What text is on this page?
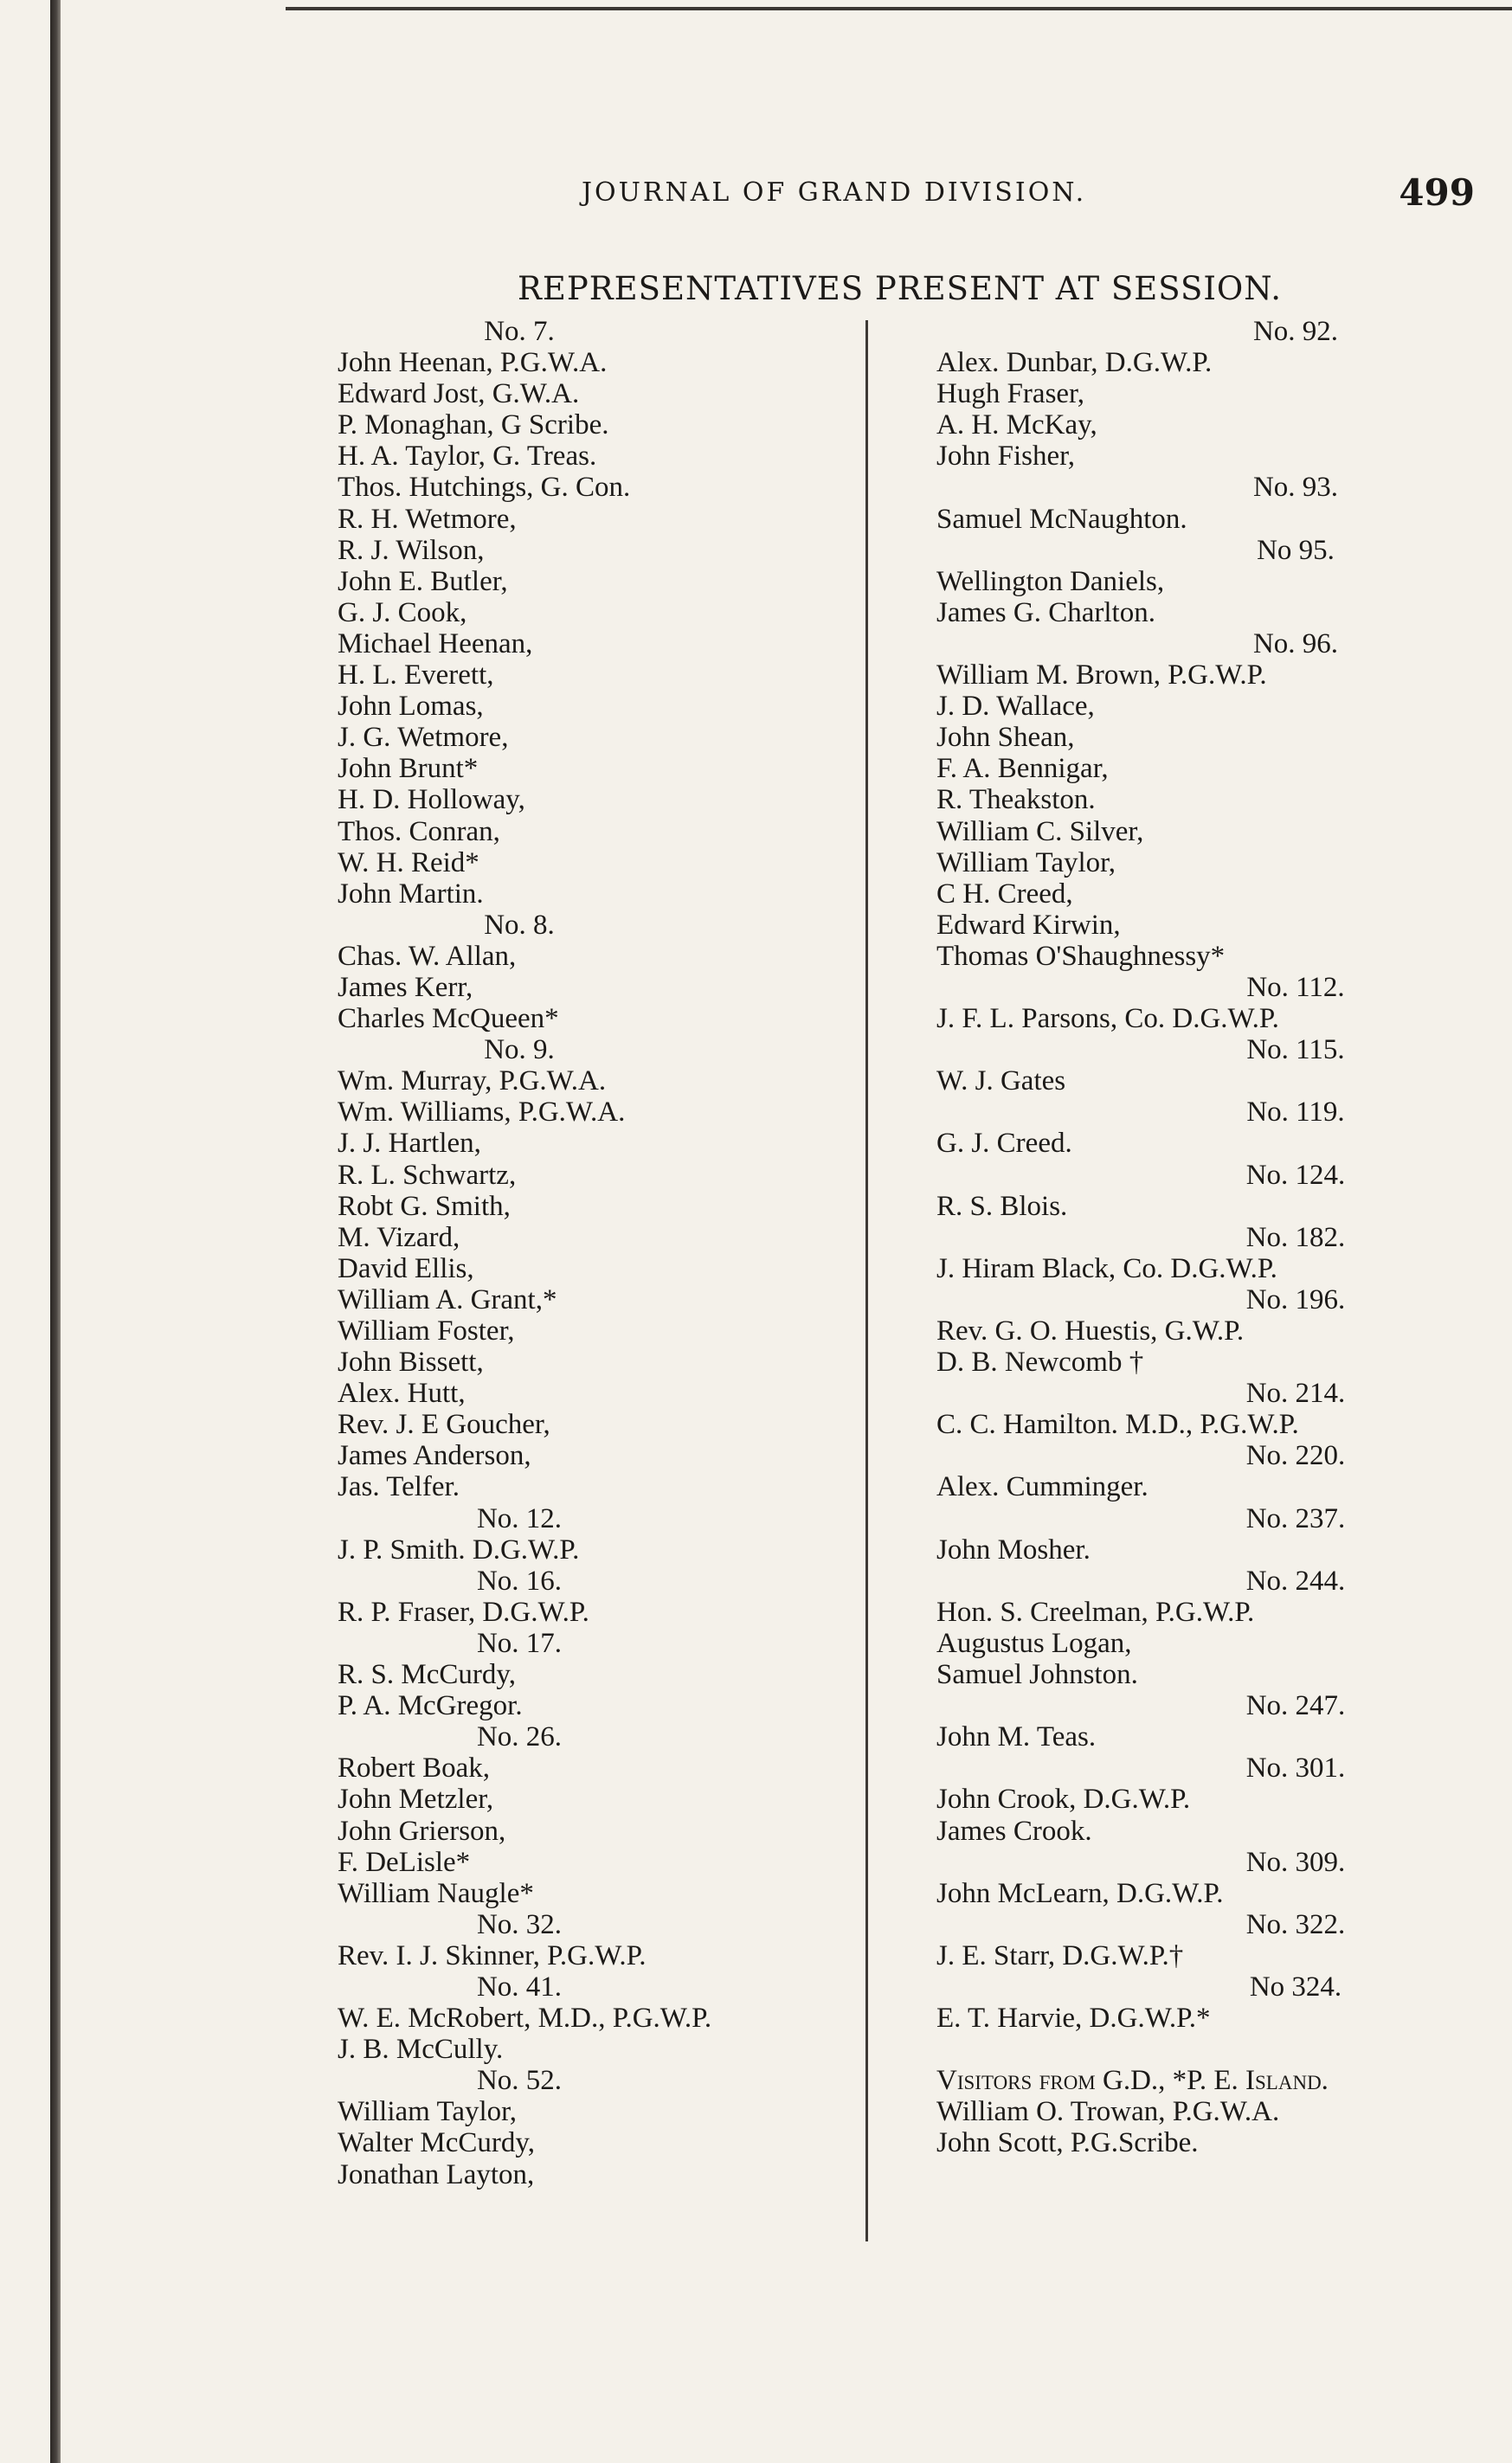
JOURNAL OF GRAND DIVISION.	499
REPRESENTATIVES PRESENT AT SESSION.
No. 7.
John Heenan, P.G.W.A.
Edward Jost, G.W.A.
P. Monaghan, G Scribe.
H. A. Taylor, G. Treas.
Thos. Hutchings, G. Con.
R. H. Wetmore,
R. J. Wilson,
John E. Butler,
G. J. Cook,
Michael Heenan,
H. L. Everett,
John Lomas,
J. G. Wetmore,
John Brunt*
H. D. Holloway,
Thos. Conran,
W. H. Reid*
John Martin.
No. 8.
Chas. W. Allan,
James Kerr,
Charles McQueen*
No. 9.
Wm. Murray, P.G.W.A.
Wm. Williams, P.G.W.A.
J. J. Hartlen,
R. L. Schwartz,
Robt G. Smith,
M. Vizard,
David Ellis,
William A. Grant,*
William Foster,
John Bissett,
Alex. Hutt,
Rev. J. E Goucher,
James Anderson,
Jas. Telfer.
No. 12.
J. P. Smith. D.G.W.P.
No. 16.
R. P. Fraser, D.G.W.P.
No. 17.
R. S. McCurdy,
P. A. McGregor.
No. 26.
Robert Boak,
John Metzler,
John Grierson,
F. DeLisle*
William Naugle*
No. 32.
Rev. I. J. Skinner, P.G.W.P.
No. 41.
W. E. McRobert, M.D., P.G.W.P.
J. B. McCully.
No. 52.
William Taylor,
Walter McCurdy,
Jonathan Layton,
No. 92.
Alex. Dunbar, D.G.W.P.
Hugh Fraser,
A. H. McKay,
John Fisher,
No. 93.
Samuel McNaughton.
No 95.
Wellington Daniels,
James G. Charlton.
No. 96.
William M. Brown, P.G.W.P.
J. D. Wallace,
John Shean,
F. A. Bennigar,
R. Theakston.
William C. Silver,
William Taylor,
C H. Creed,
Edward Kirwin,
Thomas O'Shaughnessy*
No. 112.
J. F. L. Parsons, Co. D.G.W.P.
No. 115.
W. J. Gates
No. 119.
G. J. Creed.
No. 124.
R. S. Blois.
No. 182.
J. Hiram Black, Co. D.G.W.P.
No. 196.
Rev. G. O. Huestis, G.W.P.
D. B. Newcomb †
No. 214.
C. C. Hamilton. M.D., P.G.W.P.
No. 220.
Alex. Cumminger.
No. 237.
John Mosher.
No. 244.
Hon. S. Creelman, P.G.W.P.
Augustus Logan,
Samuel Johnston.
No. 247.
John M. Teas.
No. 301.
John Crook, D.G.W.P.
James Crook.
No. 309.
John McLearn, D.G.W.P.
No. 322.
J. E. Starr, D.G.W.P.†
No 324.
E. T. Harvie, D.G.W.P.*
Visitors from G.D., *P. E. Island.
William O. Trowan, P.G.W.A.
John Scott, P.G.Scribe.
